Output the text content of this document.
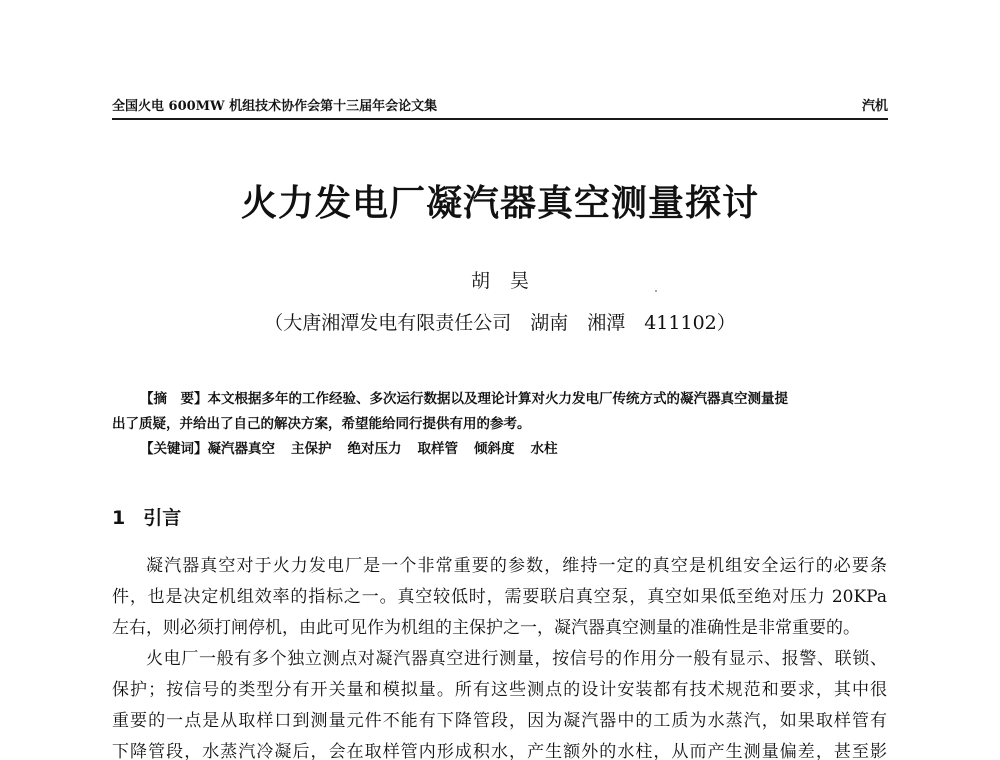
全国火电 600MW 机组技术协作会第十三届年会论文集	汽机
火力发电厂凝汽器真空测量探讨
胡 昊
（大唐湘潭发电有限责任公司　湖南　湘潭　411102）
【摘　要】本文根据多年的工作经验、多次运行数据以及理论计算对火力发电厂传统方式的凝汽器真空测量提
出了质疑，并给出了自己的解决方案，希望能给同行提供有用的参考。
【关键词】凝汽器真空 主保护 绝对压力 取样管 倾斜度 水柱
1 引言
凝汽器真空对于火力发电厂是一个非常重要的参数，维持一定的真空是机组安全运行的必要条
件，也是决定机组效率的指标之一。真空较低时，需要联启真空泵，真空如果低至绝对压力 20KPa
左右，则必须打闸停机，由此可见作为机组的主保护之一，凝汽器真空测量的准确性是非常重要的。
火电厂一般有多个独立测点对凝汽器真空进行测量，按信号的作用分一般有显示、报警、联锁、
保护；按信号的类型分有开关量和模拟量。所有这些测点的设计安装都有技术规范和要求，其中很
重要的一点是从取样口到测量元件不能有下降管段，因为凝汽器中的工质为水蒸汽，如果取样管有
下降管段，水蒸汽冷凝后，会在取样管内形成积水，产生额外的水柱，从而产生测量偏差，甚至影
